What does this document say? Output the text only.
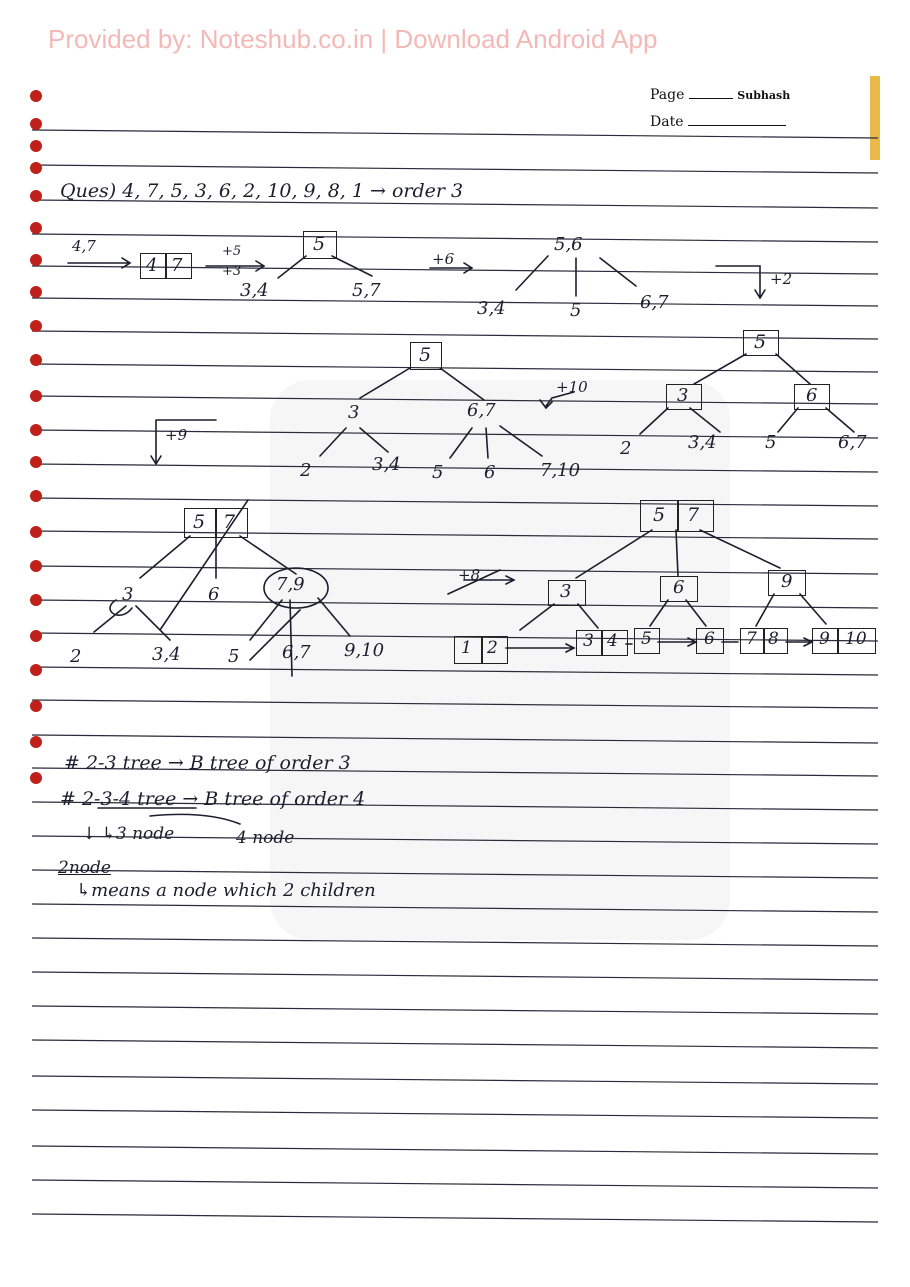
Provided by: Noteshub.co.in | Download Android App
Page	Subhash
Date
Ques) 4, 7, 5, 3, 6, 2, 10, 9, 8, 1 → order 3
4,7
4 7
+5
+3
5
3,4	5,7
+6
5,6
3,4	5	6,7
+2
5
3	6,7
2	3,4 5 6 7,10
+10
+9
5
3	6
2	3,4	5	6,7
5 7
3	6	7,9
2	3,4	5 6,7 9,10
+8
5 7
3	6	9
1 2	3 4 5	6 7 8 9 10
# 2-3 tree → B tree of order 3
# 2-3-4 tree → B tree of order 4
↓ ↳3 node	4 node
2node
↳means a node which 2 children
